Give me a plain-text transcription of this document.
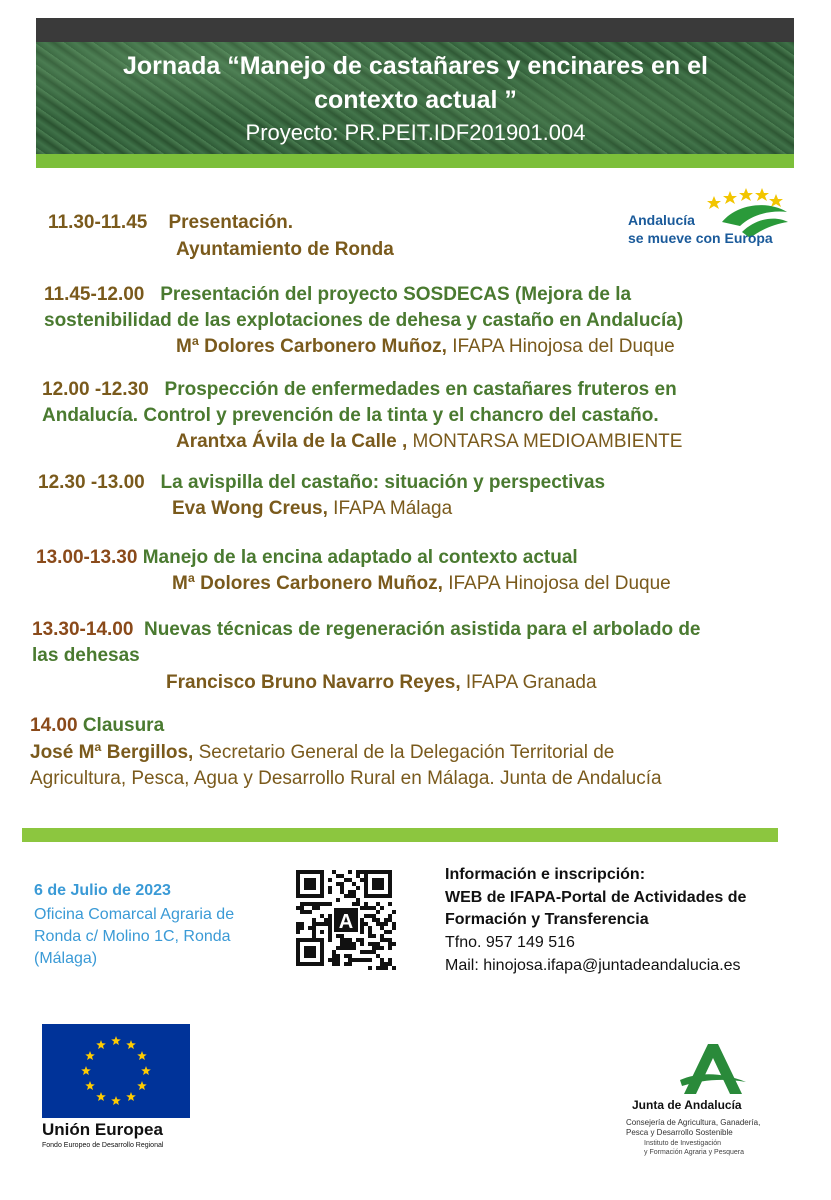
Jornada “Manejo de castañares y encinares en el
contexto actual ”
Proyecto: PR.PEIT.IDF201901.004
Andalucía
se mueve con Europa
11.30-11.45 Presentación.
Ayuntamiento de Ronda
11.45-12.00 Presentación del proyecto SOSDECAS (Mejora de la
sostenibilidad de las explotaciones de dehesa y castaño en Andalucía)
Mª Dolores Carbonero Muñoz, IFAPA Hinojosa del Duque
12.00 -12.30 Prospección de enfermedades en castañares fruteros en
Andalucía. Control y prevención de la tinta y el chancro del castaño.
Arantxa Ávila de la Calle , MONTARSA MEDIOAMBIENTE
12.30 -13.00 La avispilla del castaño: situación y perspectivas
Eva Wong Creus, IFAPA Málaga
13.00-13.30 Manejo de la encina adaptado al contexto actual
Mª Dolores Carbonero Muñoz, IFAPA Hinojosa del Duque
13.30-14.00 Nuevas técnicas de regeneración asistida para el arbolado de
las dehesas
Francisco Bruno Navarro Reyes, IFAPA Granada
14.00 Clausura
José Mª Bergillos, Secretario General de la Delegación Territorial de
Agricultura, Pesca, Agua y Desarrollo Rural en Málaga. Junta de Andalucía
6 de Julio de 2023
Oficina Comarcal Agraria de
Ronda c/ Molino 1C, Ronda
(Málaga)
A
Información e inscripción:
WEB de IFAPA-Portal de Actividades de
Formación y Transferencia
Tfno. 957 149 516
Mail: hinojosa.ifapa@juntadeandalucia.es
Unión Europea
Fondo Europeo de Desarrollo Regional
Junta de Andalucía
Consejería de Agricultura, Ganadería,
Pesca y Desarrollo Sostenible
Instituto de Investigación
y Formación Agraria y Pesquera
